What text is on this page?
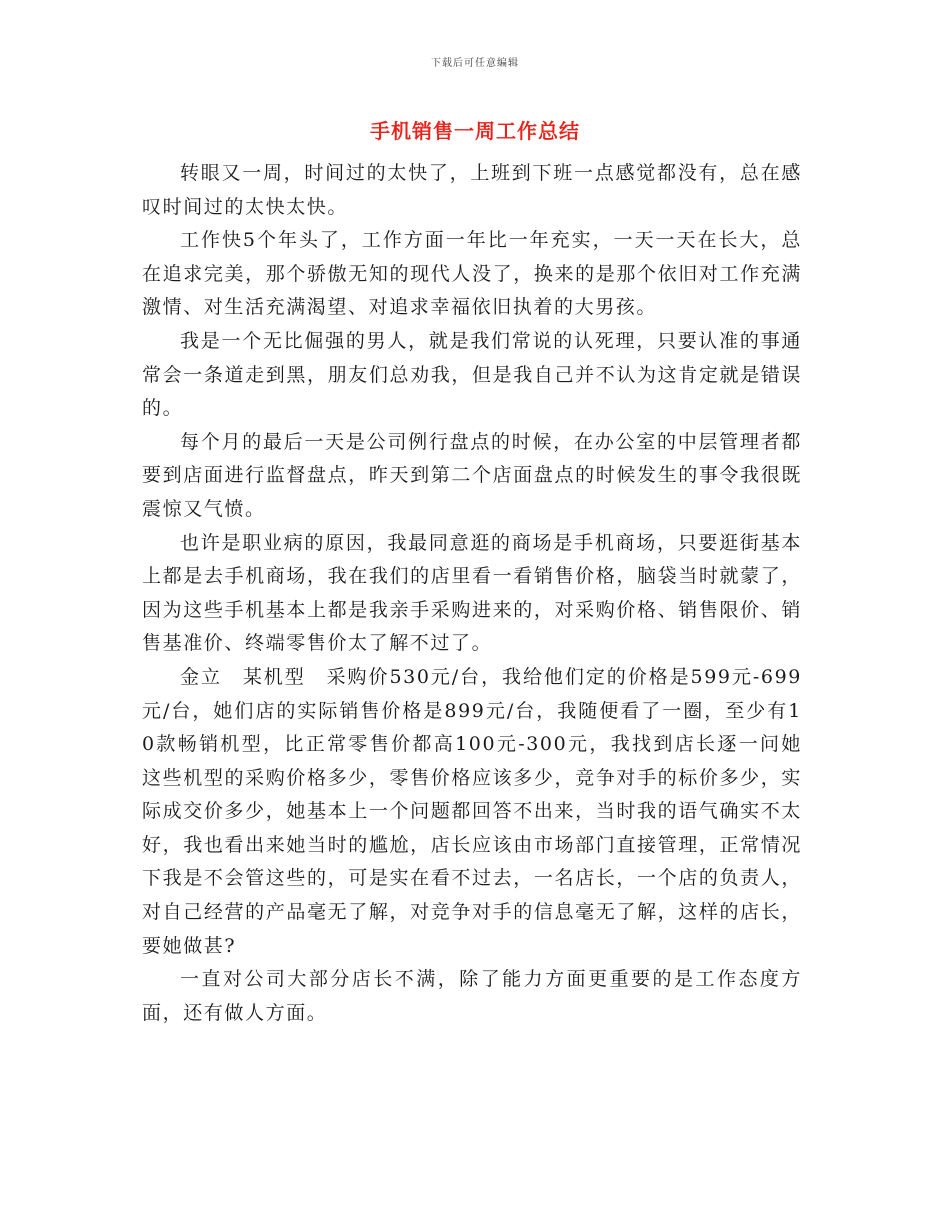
下载后可任意编辑
手机销售一周工作总结

转眼又一周，时间过的太快了，上班到下班一点感觉都没有，总在感叹时间过的太快太快。

工作快5个年头了，工作方面一年比一年充实，一天一天在长大，总在追求完美，那个骄傲无知的现代人没了，换来的是那个依旧对工作充满激情、对生活充满渴望、对追求幸福依旧执着的大男孩。

我是一个无比倔强的男人，就是我们常说的认死理，只要认准的事通常会一条道走到黑，朋友们总劝我，但是我自己并不认为这肯定就是错误的。

每个月的最后一天是公司例行盘点的时候，在办公室的中层管理者都要到店面进行监督盘点，昨天到第二个店面盘点的时候发生的事令我很既震惊又气愤。

也许是职业病的原因，我最同意逛的商场是手机商场，只要逛街基本上都是去手机商场，我在我们的店里看一看销售价格，脑袋当时就蒙了，因为这些手机基本上都是我亲手采购进来的，对采购价格、销售限价、销售基准价、终端零售价太了解不过了。

金立　某机型　采购价530元/台，我给他们定的价格是599元-699元/台，她们店的实际销售价格是899元/台，我随便看了一圈，至少有10款畅销机型，比正常零售价都高100元-300元，我找到店长逐一问她这些机型的采购价格多少，零售价格应该多少，竞争对手的标价多少，实际成交价多少，她基本上一个问题都回答不出来，当时我的语气确实不太好，我也看出来她当时的尴尬，店长应该由市场部门直接管理，正常情况下我是不会管这些的，可是实在看不过去，一名店长，一个店的负责人，对自己经营的产品毫无了解，对竞争对手的信息毫无了解，这样的店长，要她做甚?

一直对公司大部分店长不满，除了能力方面更重要的是工作态度方面，还有做人方面。
